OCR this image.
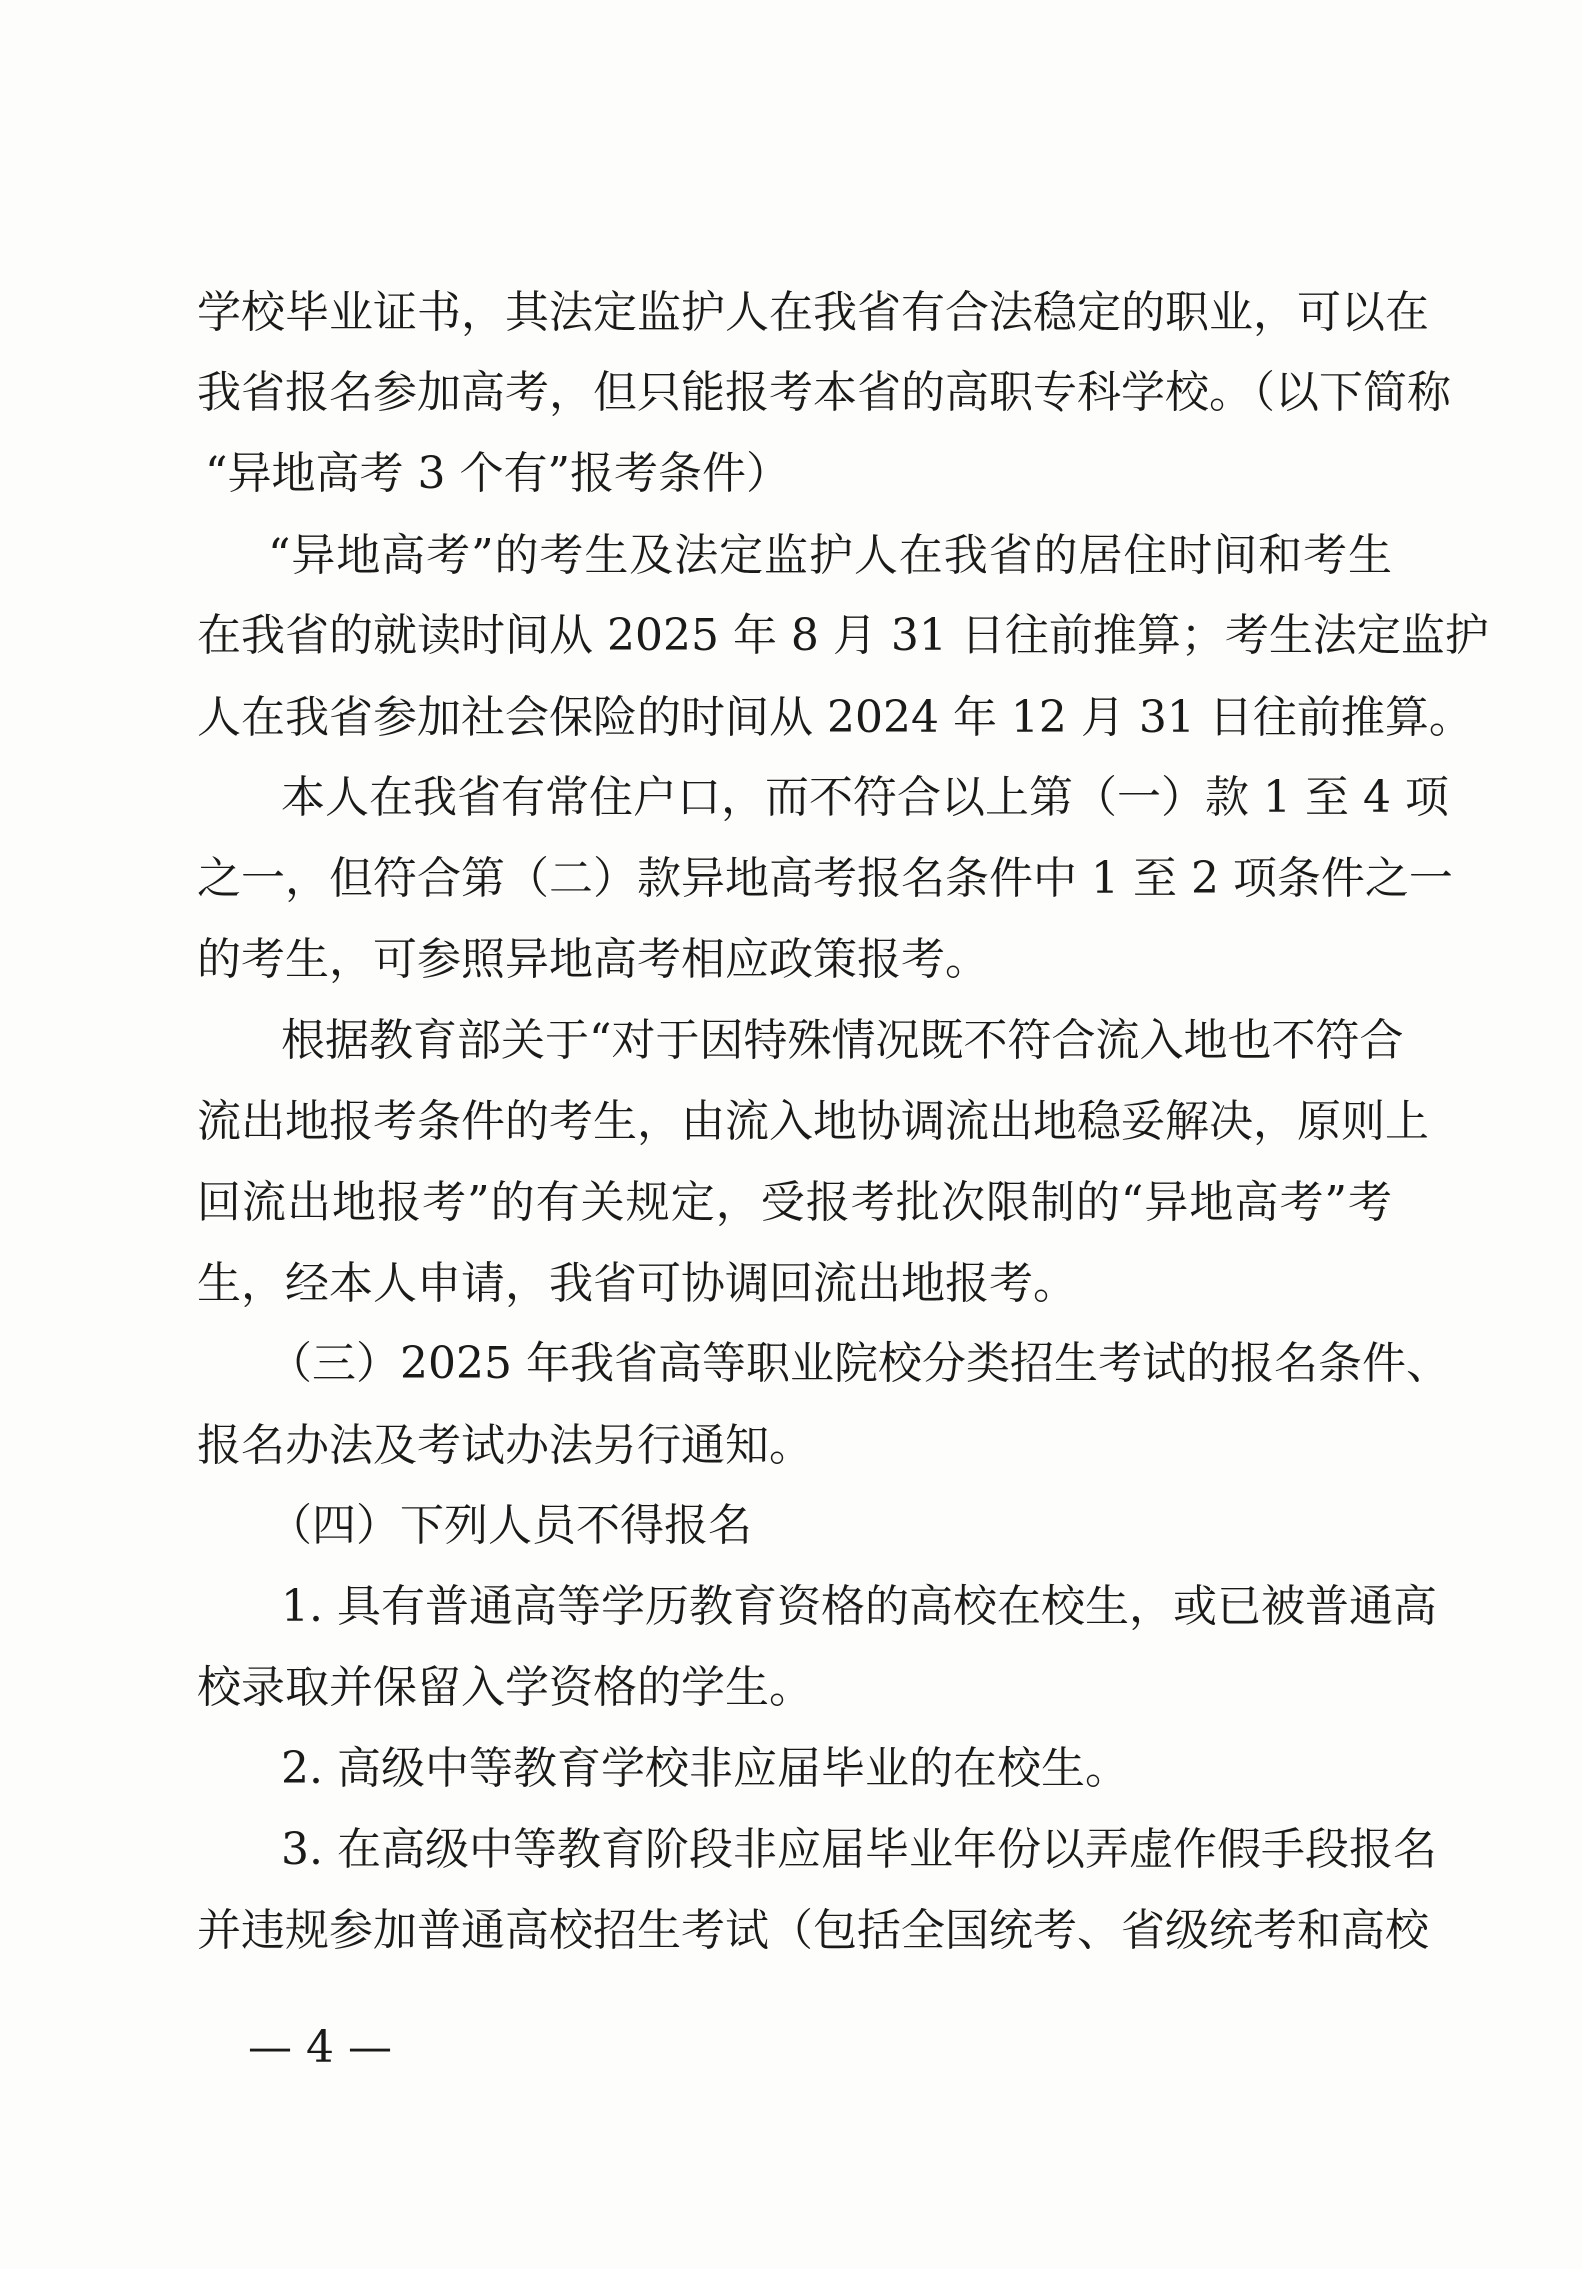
学校毕业证书，其法定监护人在我省有合法稳定的职业，可以在
我省报名参加高考，但只能报考本省的高职专科学校。（以下简称
“异地高考 3 个有”报考条件）
“异地高考”的考生及法定监护人在我省的居住时间和考生
在我省的就读时间从 2025 年 8 月 31 日往前推算；考生法定监护
人在我省参加社会保险的时间从 2024 年 12 月 31 日往前推算。
本人在我省有常住户口，而不符合以上第（一）款 1 至 4 项
之一，但符合第（二）款异地高考报名条件中 1 至 2 项条件之一
的考生，可参照异地高考相应政策报考。
根据教育部关于“对于因特殊情况既不符合流入地也不符合
流出地报考条件的考生，由流入地协调流出地稳妥解决，原则上
回流出地报考”的有关规定，受报考批次限制的“异地高考”考
生，经本人申请，我省可协调回流出地报考。
（三）2025 年我省高等职业院校分类招生考试的报名条件、
报名办法及考试办法另行通知。
（四）下列人员不得报名
1. 具有普通高等学历教育资格的高校在校生，或已被普通高
校录取并保留入学资格的学生。
2. 高级中等教育学校非应届毕业的在校生。
3. 在高级中等教育阶段非应届毕业年份以弄虚作假手段报名
并违规参加普通高校招生考试（包括全国统考、省级统考和高校
— 4 —
